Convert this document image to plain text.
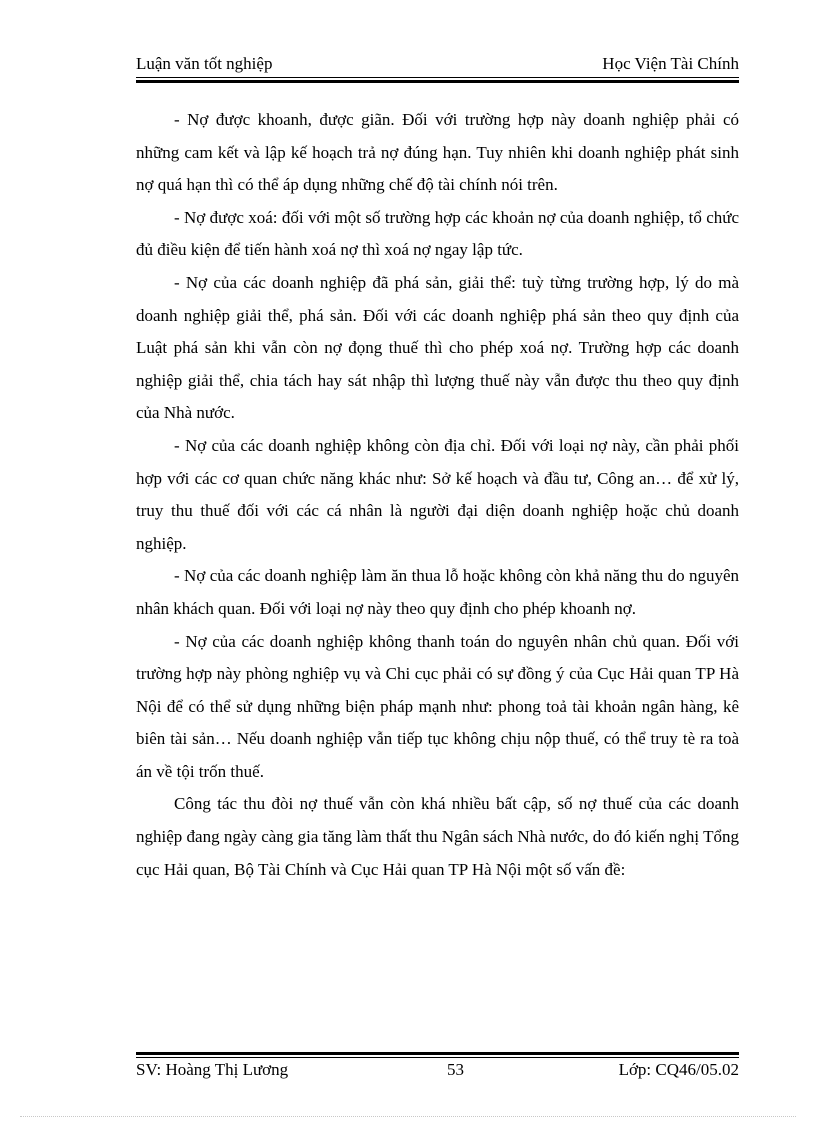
Luận văn tốt nghiệp	Học Viện Tài Chính

- Nợ được khoanh, được giãn. Đối với trường hợp này doanh nghiệp phải có những cam kết và lập kế hoạch trả nợ đúng hạn. Tuy nhiên khi doanh nghiệp phát sinh nợ quá hạn thì có thể áp dụng những chế độ tài chính nói trên.

- Nợ được xoá: đối với một số trường hợp các khoản nợ của doanh nghiệp, tổ chức đủ điều kiện để tiến hành xoá nợ thì xoá nợ ngay lập tức.

- Nợ của các doanh nghiệp đã phá sản, giải thể: tuỳ từng trường hợp, lý do mà doanh nghiệp giải thể, phá sản. Đối với các doanh nghiệp phá sản theo quy định của Luật phá sản khi vẫn còn nợ đọng thuế thì cho phép xoá nợ. Trường hợp các doanh nghiệp giải thể, chia tách hay sát nhập thì lượng thuế này vẫn được thu theo quy định của Nhà nước.

- Nợ của các doanh nghiệp không còn địa chỉ. Đối với loại nợ này, cần phải phối hợp với các cơ quan chức năng khác như: Sở kế hoạch và đầu tư, Công an… để xử lý, truy thu thuế đối với các cá nhân là người đại diện doanh nghiệp hoặc chủ doanh nghiệp.

- Nợ của các doanh nghiệp làm ăn thua lỗ hoặc không còn khả năng thu do nguyên nhân khách quan. Đối với loại nợ này theo quy định cho phép khoanh nợ.

- Nợ của các doanh nghiệp không thanh toán do nguyên nhân chủ quan. Đối với trường hợp này phòng nghiệp vụ và Chi cục phải có sự đồng ý của Cục Hải quan TP Hà Nội để có thể sử dụng những biện pháp mạnh như: phong toả tài khoản ngân hàng, kê biên tài sản… Nếu doanh nghiệp vẫn tiếp tục không chịu nộp thuế, có thể truy tè ra toà án về tội trốn thuế.

Công tác thu đòi nợ thuế vẫn còn khá nhiều bất cập, số nợ thuế của các doanh nghiệp đang ngày càng gia tăng làm thất thu Ngân sách Nhà nước, do đó kiến nghị Tổng cục Hải quan, Bộ Tài Chính và Cục Hải quan TP Hà Nội một số vấn đề:

SV: Hoàng Thị Lương	53	Lớp: CQ46/05.02
